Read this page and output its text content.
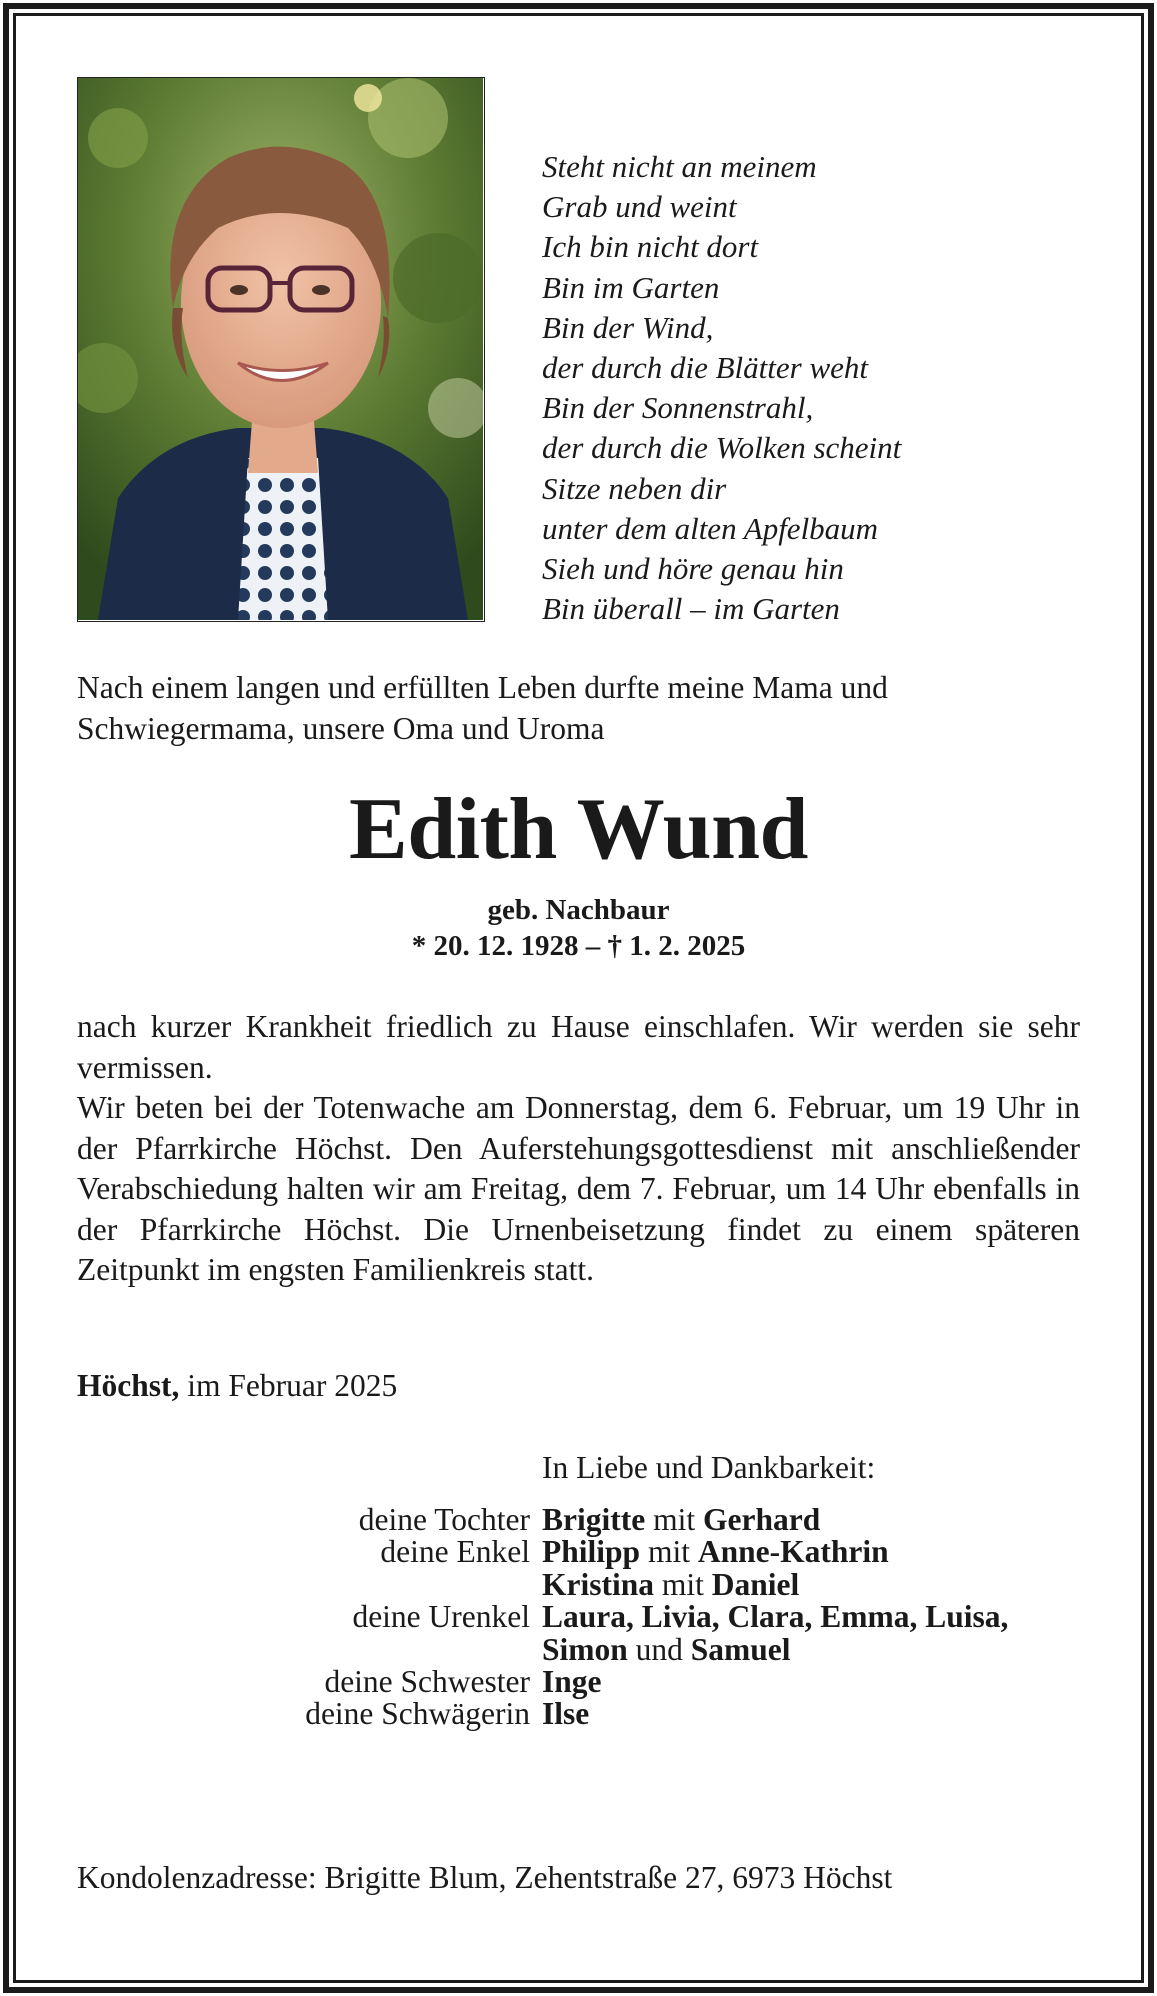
Steht nicht an meinem
Grab und weint
Ich bin nicht dort
Bin im Garten
Bin der Wind,
der durch die Blätter weht
Bin der Sonnenstrahl,
der durch die Wolken scheint
Sitze neben dir
unter dem alten Apfelbaum
Sieh und höre genau hin
Bin überall – im Garten
Nach einem langen und erfüllten Leben durfte meine Mama und Schwiegermama, unsere Oma und Uroma
Edith Wund
geb. Nachbaur
* 20. 12. 1928 – † 1. 2. 2025
nach kurzer Krankheit friedlich zu Hause einschlafen. Wir werden sie sehr vermissen.
Wir beten bei der Totenwache am Donnerstag, dem 6. Februar, um 19 Uhr in der Pfarrkirche Höchst. Den Auferstehungsgottesdienst mit anschließender Verabschiedung halten wir am Freitag, dem 7. Februar, um 14 Uhr ebenfalls in der Pfarrkirche Höchst. Die Urnenbeisetzung findet zu einem späteren Zeitpunkt im engsten Familienkreis statt.
Höchst, im Februar 2025
In Liebe und Dankbarkeit:
deine Tochter Brigitte mit Gerhard
deine Enkel Philipp mit Anne-Kathrin
Kristina mit Daniel
deine Urenkel Laura, Livia, Clara, Emma, Luisa,
Simon und Samuel
deine Schwester Inge
deine Schwägerin Ilse
Kondolenzadresse: Brigitte Blum, Zehentstraße 27, 6973 Höchst
